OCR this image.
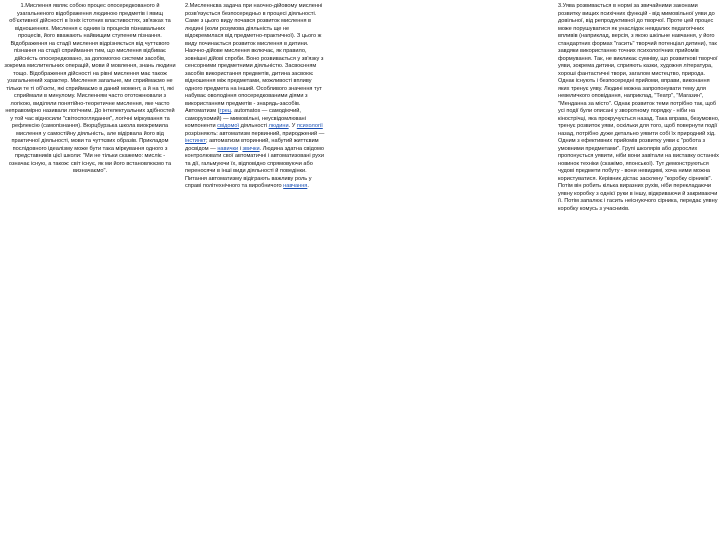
1.Мислення являє собою процес опосередкованого й узагальненого відображення людиною предметів і явищ об'єктивної дійсності в їхніх істотних властивостях, зв'язках та відношеннях. Мислення є одним із процесів пізнавальних процесів, його вважають найвищим ступенем пізнання. Відображення на стадії мислення відрізняється від чуттєвого пізнання на стадії сприймання тим, що мислення відбиває дійсність опосередковано, за допомогою системи засобів, зокрема мислительних операцій, мови й мовлення, знань людини тощо. Відображення дійсності на рівні мислення має також узагальнений характер. Мислення загальне, ми сприймаємо не тільки те ті об'єкти, які сприймаємо в даний момент, а й на ті, які сприймали в минулому. Мисленням часто ототожнювали з логікою, виділяли понятійно-теоретичне мислення, яке часто неправомірно називали логічним. До інтелектуальних здібностей у той час відносили "світоспоглядання", логічні міркування та рефлексію (самопізнання). Вюрцбурзька школа виокремила мислення у самостійну діяльність, але відірвала його від практичної діяльності, мови та чуттєвих образів. Прикладом послідовного ідеалізму може бути така міркування одного з представників цієї школи: "Ми не тільки скажемо: мисліє - означає існую, а також: світ існує, як ми його встановлюємо та визначаємо".

2.Мисленнєва задача при наочно-дійовому мисленні розв'язується безпосередньо в процесі діяльності. Саме з цього виду почався розвиток мислення в людині (коли розумова діяльність ще не відокремилася від предметно-практичної). З цього ж виду починається розвиток мислення в дитини. Наочно-дійове мислення включає, як правило, зовнішні дійові спроби. Воно розвивається у зв'язку з сенсорними предметними діяльністю. Засвоєнням засобів використання предметів, дитина засвоює відношення між предметами, можливості впливу одного предмета на інший. Особливого значення тут набуває оволодіння опосередкованими діями з використанням предметів - знарядь-засобів. Автоматизм (грец. automatos — самодіючий, саморухомий) — мимовільні, неусвідомлювані компоненти свідомої діяльності людини. У психології розрізняють: автоматизм первинний, природжений — інстинкт; автоматизм вторинний, набутий життєвим досвідом — навички і звички. Людина здатна свідомо контролювати свої автоматичні і автоматизовані рухи та дії, гальмуючи їх, відповідно спрямовуючи або переносячи в інші види діяльності й поведінки. Питання автоматизму відіграють важливу роль у справі політехнічного та виробничого навчання.

3.Уява розвивається в нормі за звичайними законами розвитку вищих психічних функцій - від мимовільної уяви до довільної, від репродуктивної до творчої. Проте цей процес може порушуватися як унаслідок невдалих педагогічних впливів (наприклад, версія, з якою шкільне навчання, у його стандартних формах "гасить" творчий потенціал дитини), так завдяки використанню точних психологічних прийомів формування. Так, не викликає сумніву, що розвиткові творчої уяви, зокрема дитини, сприяють казки, художня література, хороші фантастичні твори, загалом мистецтво, природа. Однак існують і безпосередні прийоми, вправи, виконання яких тренує уяву. Людині можна запропонувати тему для невеличкого оповідання, наприклад, "Театр", "Магазин", "Менданна за місто". Однак розвиток теми потрібно так, щоб усі події були описані у зворотному порядку - ніби на кінострічці, яка прокручується назад. Така вправа, безумовно, тренує розвиток уяви, оскільки для того, щоб повернути події назад, потрібно дуже детально уявити собі їх природний хід. Одним з ефективних прийомів розвитку уяви є "робота з умовними предметами". Групі школярів або дорослих пропонується уявити, ніби вони завітали на виставку останніх новинок техніки (скажімо, японської). Тут демонструються чудові предмети побуту - вони невидимі, хоча ними можна користуватися. Керівник дістає засклену "коробку сірників". Потім він робить кілька виразних рухів, ніби перекладаючи уявну коробку з однієї руки в іншу, відкриваючи й закриваючи її. Потім запалює і гасить неіснуючого сірника, передає уявну коробку комусь з учасників.
